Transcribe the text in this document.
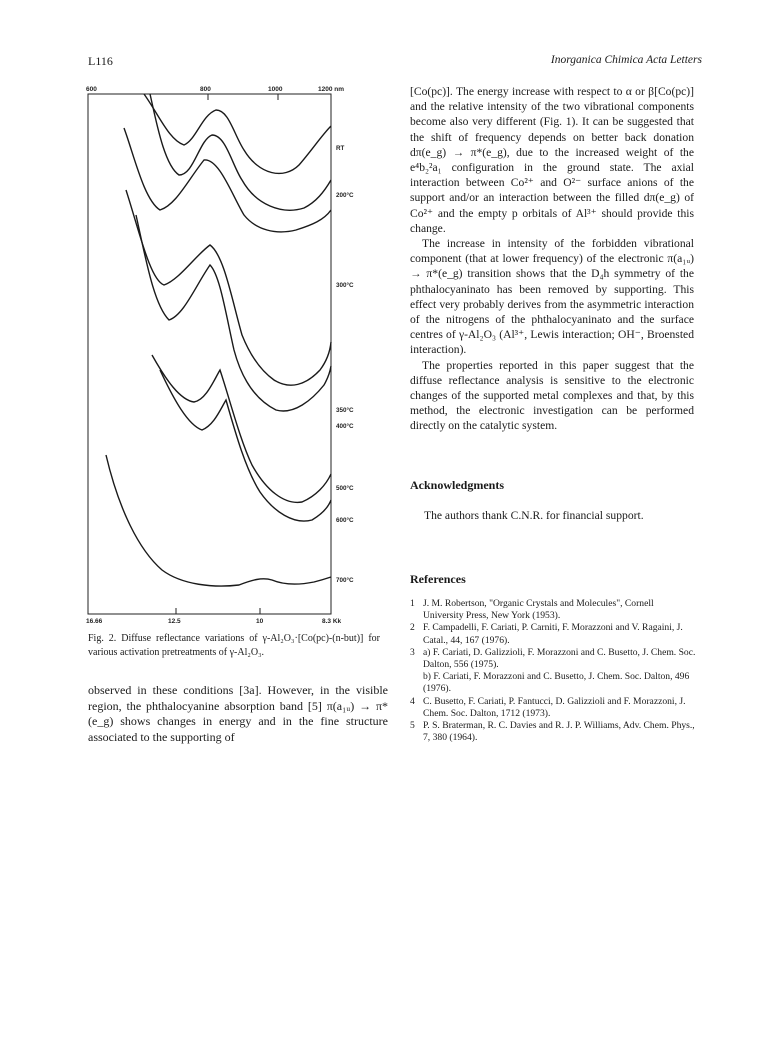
L116	Inorganica Chimica Acta Letters
600	800	1000	1200 nm
16.66	12.5	10	8.3 Kk
RT
200°C
300°C
350°C
400°C
500°C
600°C
700°C
Fig. 2. Diffuse reflectance variations of γ-Al₂O₃·[Co(pc)-(n-but)] for various activation pretreatments of γ-Al₂O₃.
observed in these conditions [3a]. However, in the visible region, the phthalocyanine absorption band [5] π(a₁ᵤ) → π*(e_g) shows changes in energy and in the fine structure associated to the supporting of

[Co(pc)]. The energy increase with respect to α or β[Co(pc)] and the relative intensity of the two vibrational components become also very different (Fig. 1). It can be suggested that the shift of frequency depends on better back donation dπ(e_g) → π*(e_g), due to the increased weight of the e⁴b₂²a₁ configuration in the ground state. The axial interaction between Co²⁺ and O²⁻ surface anions of the support and/or an interaction between the filled dπ(e_g) of Co²⁺ and the empty p orbitals of Al³⁺ should provide this change.

The increase in intensity of the forbidden vibrational component (that at lower frequency) of the electronic π(a₁ᵤ) → π*(e_g) transition shows that the D₄h symmetry of the phthalocyaninato has been removed by supporting. This effect very probably derives from the asymmetric interaction of the nitrogens of the phthalocyaninato and the surface centres of γ-Al₂O₃ (Al³⁺, Lewis interaction; OH⁻, Broensted interaction).

The properties reported in this paper suggest that the diffuse reflectance analysis is sensitive to the electronic changes of the supported metal complexes and that, by this method, the electronic investigation can be performed directly on the catalytic system.

Acknowledgments
The authors thank C.N.R. for financial support.
References
1 J. M. Robertson, "Organic Crystals and Molecules", Cornell University Press, New York (1953).
2 F. Campadelli, F. Cariati, P. Carniti, F. Morazzoni and V. Ragaini, J. Catal., 44, 167 (1976).
3 a) F. Cariati, D. Galizzioli, F. Morazzoni and C. Busetto, J. Chem. Soc. Dalton, 556 (1975).
b) F. Cariati, F. Morazzoni and C. Busetto, J. Chem. Soc. Dalton, 496 (1976).
4 C. Busetto, F. Cariati, P. Fantucci, D. Galizzioli and F. Morazzoni, J. Chem. Soc. Dalton, 1712 (1973).
5 P. S. Braterman, R. C. Davies and R. J. P. Williams, Adv. Chem. Phys., 7, 380 (1964).
